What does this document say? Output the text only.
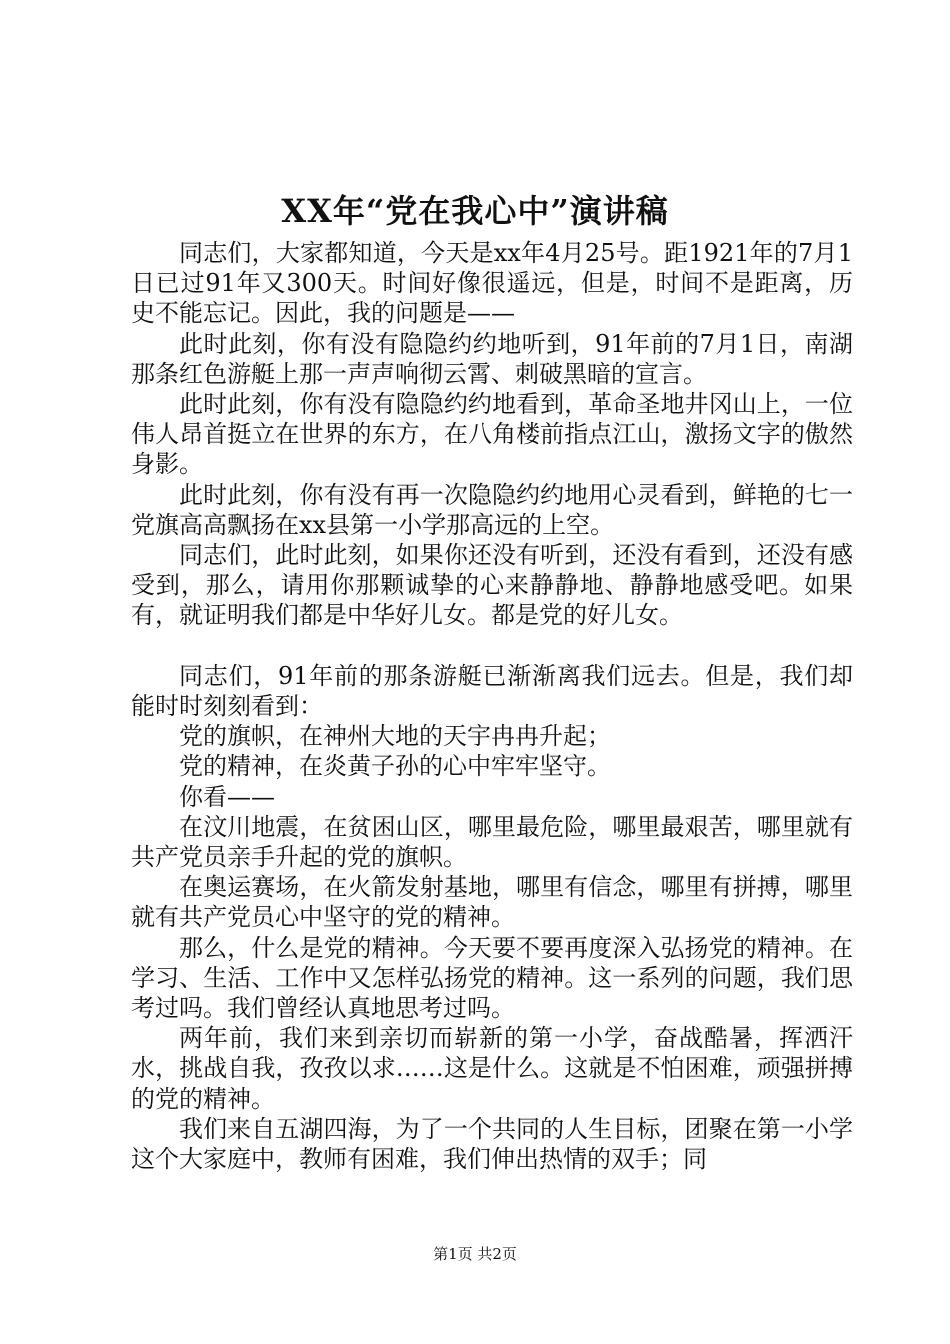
XX年“党在我心中”演讲稿

同志们，大家都知道，今天是xx年4月25号。距1921年的7月1日已过91年又300天。时间好像很遥远，但是，时间不是距离，历史不能忘记。因此，我的问题是——

此时此刻，你有没有隐隐约约地听到，91年前的7月1日，南湖那条红色游艇上那一声声响彻云霄、刺破黑暗的宣言。

此时此刻，你有没有隐隐约约地看到，革命圣地井冈山上，一位伟人昂首挺立在世界的东方，在八角楼前指点江山，激扬文字的傲然身影。

此时此刻，你有没有再一次隐隐约约地用心灵看到，鲜艳的七一党旗高高飘扬在xx县第一小学那高远的上空。

同志们，此时此刻，如果你还没有听到，还没有看到，还没有感受到，那么，请用你那颗诚挚的心来静静地、静静地感受吧。如果有，就证明我们都是中华好儿女。都是党的好儿女。

同志们，91年前的那条游艇已渐渐离我们远去。但是，我们却能时时刻刻看到：

党的旗帜，在神州大地的天宇冉冉升起；

党的精神，在炎黄子孙的心中牢牢坚守。

你看——

在汶川地震，在贫困山区，哪里最危险，哪里最艰苦，哪里就有共产党员亲手升起的党的旗帜。

在奥运赛场，在火箭发射基地，哪里有信念，哪里有拼搏，哪里就有共产党员心中坚守的党的精神。

那么，什么是党的精神。今天要不要再度深入弘扬党的精神。在学习、生活、工作中又怎样弘扬党的精神。这一系列的问题，我们思考过吗。我们曾经认真地思考过吗。

两年前，我们来到亲切而崭新的第一小学，奋战酷暑，挥洒汗水，挑战自我，孜孜以求……这是什么。这就是不怕困难，顽强拼搏的党的精神。

我们来自五湖四海，为了一个共同的人生目标，团聚在第一小学这个大家庭中，教师有困难，我们伸出热情的双手；同

第1页 共2页
